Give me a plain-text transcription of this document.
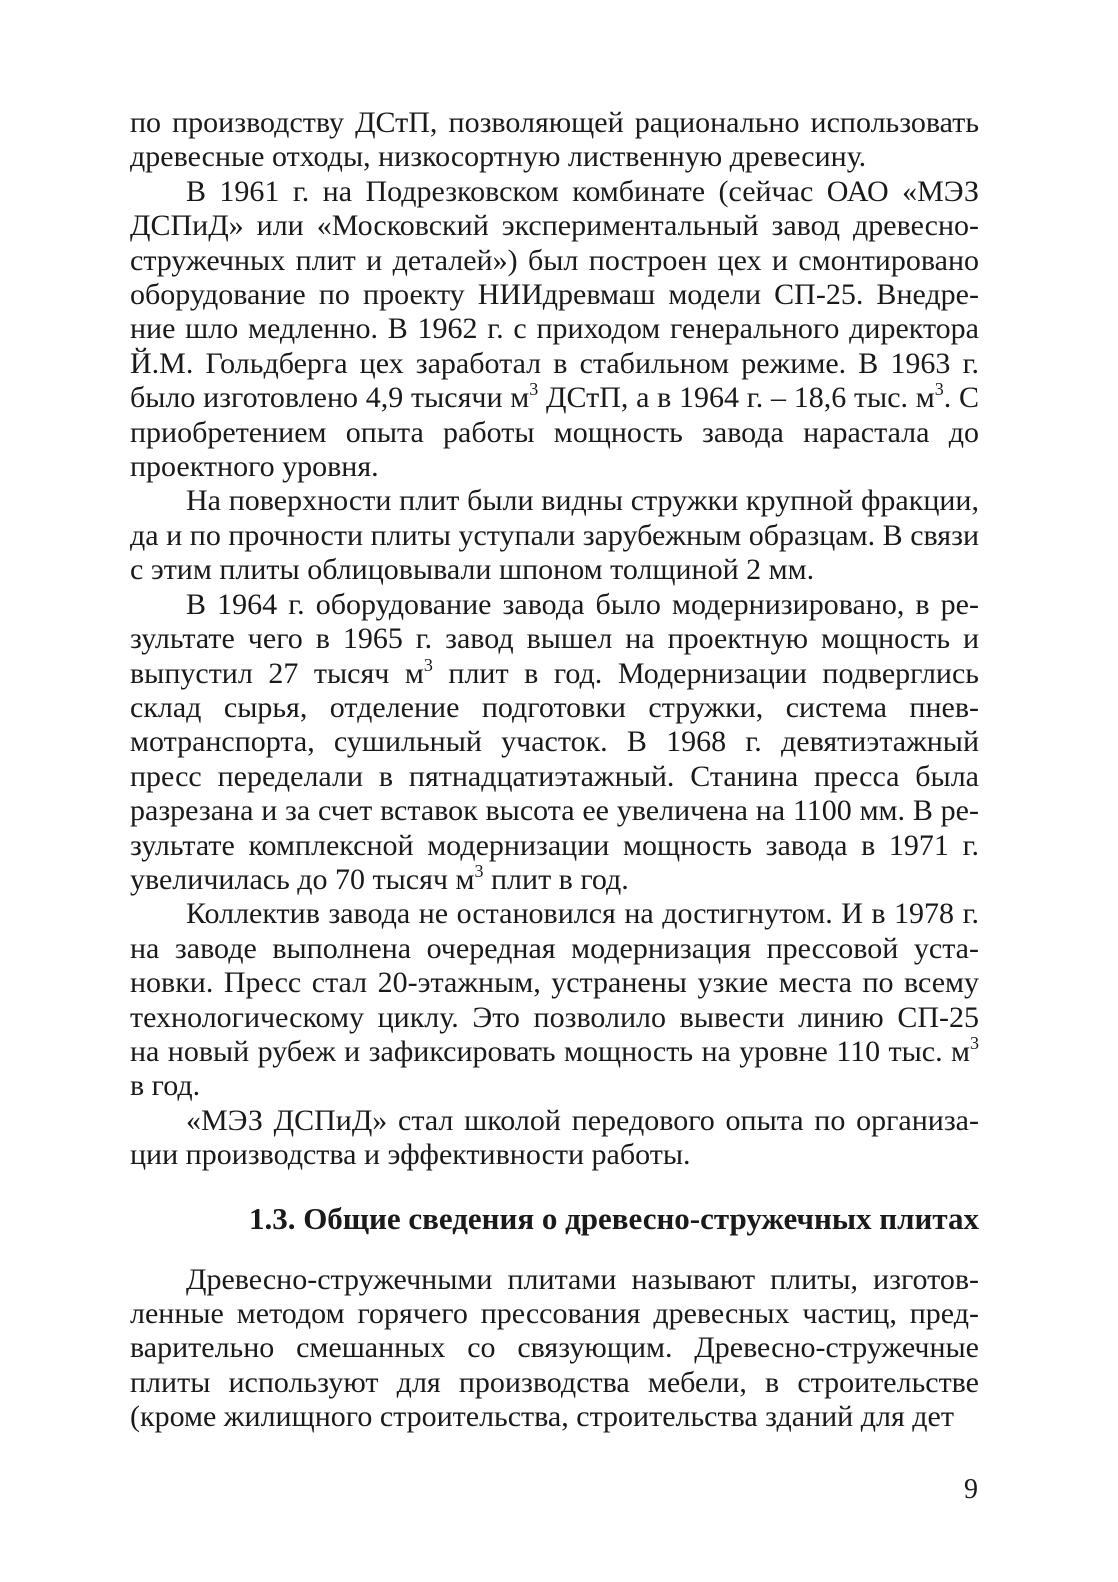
по производству ДСтП, позволяющей рационально использовать древесные отходы, низкосортную лиственную древесину.

В 1961 г. на Подрезковском комбинате (сейчас ОАО «МЭЗ ДСПиД» или «Московский экспериментальный завод древесно-стружечных плит и деталей») был построен цех и смонтировано оборудование по проекту НИИдревмаш модели СП-25. Внедрение шло медленно. В 1962 г. с приходом генерального директора Й.М. Гольдберга цех заработал в стабильном режиме. В 1963 г. было изготовлено 4,9 тысячи $м^3$ ДСтП, а в 1964 г. – 18,6 тыс. $м^3$. С приобретением опыта работы мощность завода нарастала до проектного уровня.

На поверхности плит были видны стружки крупной фракции, да и по прочности плиты уступали зарубежным образцам. В связи с этим плиты облицовывали шпоном толщиной 2 мм.

В 1964 г. оборудование завода было модернизировано, в результате чего в 1965 г. завод вышел на проектную мощность и выпустил 27 тысяч $м^3$ плит в год. Модернизации подверглись склад сырья, отделение подготовки стружки, система пневмотранспорта, сушильный участок. В 1968 г. девятиэтажный пресс переделали в пятнадцатиэтажный. Станина пресса была разрезана и за счет вставок высота ее увеличена на 1100 мм. В результате комплексной модернизации мощность завода в 1971 г. увеличилась до 70 тысяч $м^3$ плит в год.

Коллектив завода не остановился на достигнутом. И в 1978 г. на заводе выполнена очередная модернизация прессовой установки. Пресс стал 20-этажным, устранены узкие места по всему технологическому циклу. Это позволило вывести линию СП-25 на новый рубеж и зафиксировать мощность на уровне 110 тыс. $м^3$ в год.

«МЭЗ ДСПиД» стал школой передового опыта по организации производства и эффективности работы.

1.3. Общие сведения о древесно-стружечных плитах

Древесно-стружечными плитами называют плиты, изготовленные методом горячего прессования древесных частиц, предварительно смешанных со связующим. Древесно-стружечные плиты используют для производства мебели, в строительстве (кроме жилищного строительства, строительства зданий для дет

9
